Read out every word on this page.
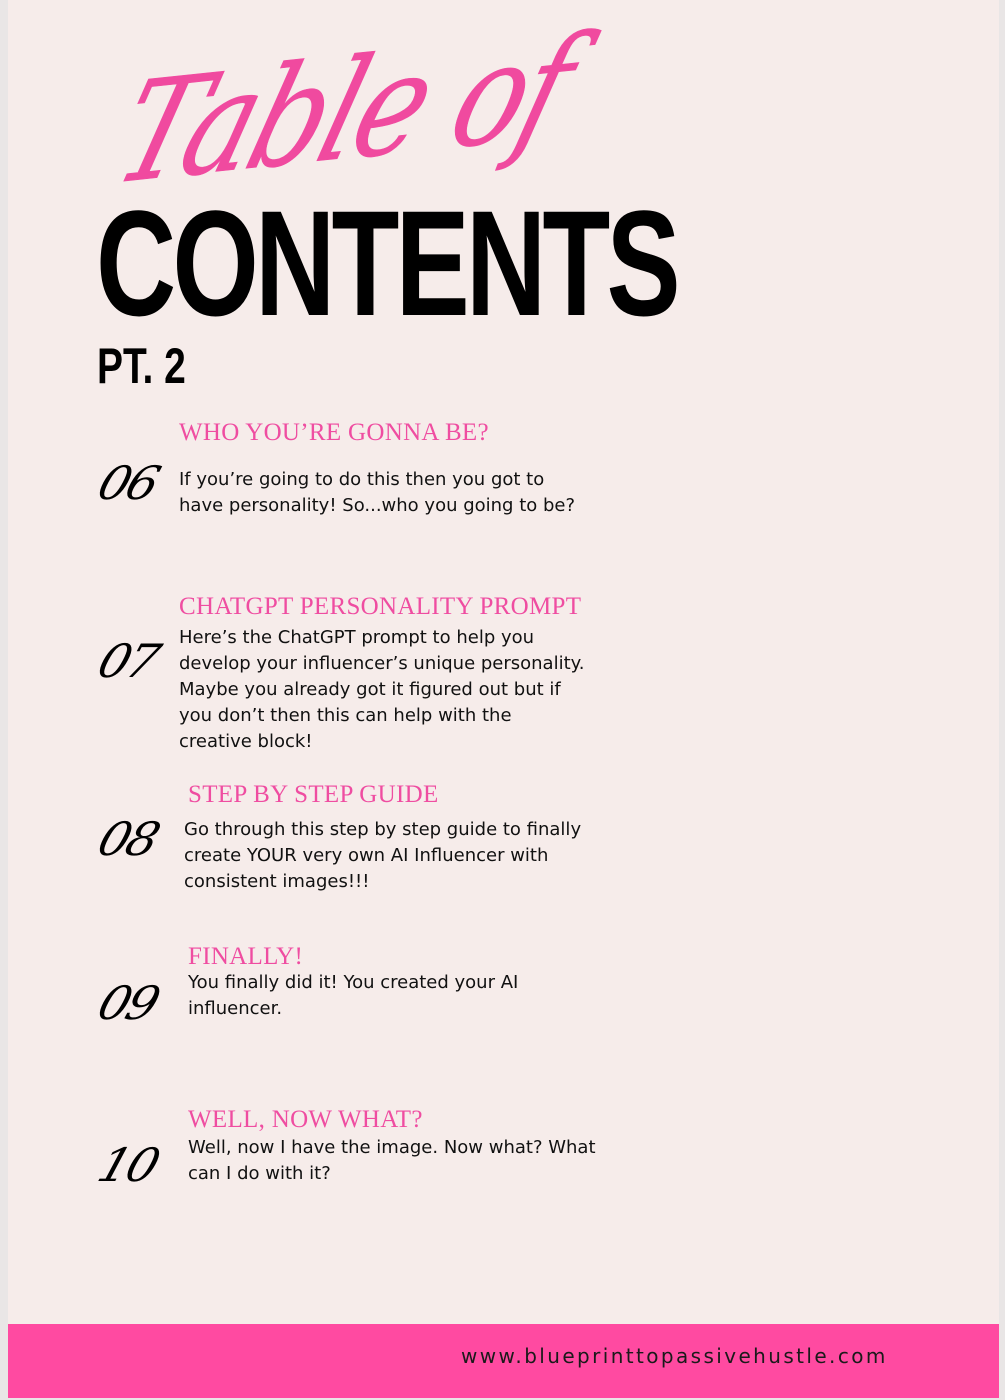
CONTENTS
Table of
PT. 2
06
WHO YOU’RE GONNA BE?

If you’re going to do this then you got to have personality! So...who you going to be?

07
CHATGPT PERSONALITY PROMPT

Here’s the ChatGPT prompt to help you develop your influencer’s unique personality. Maybe you already got it figured out but if you don’t then this can help with the creative block!

08
STEP BY STEP GUIDE

Go through this step by step guide to finally create YOUR very own AI Influencer with consistent images!!!

09
FINALLY!

You finally did it! You created your AI influencer.

10
WELL, NOW WHAT?

Well, now I have the image. Now what? What can I do with it?

www.blueprinttopassivehustle.com
